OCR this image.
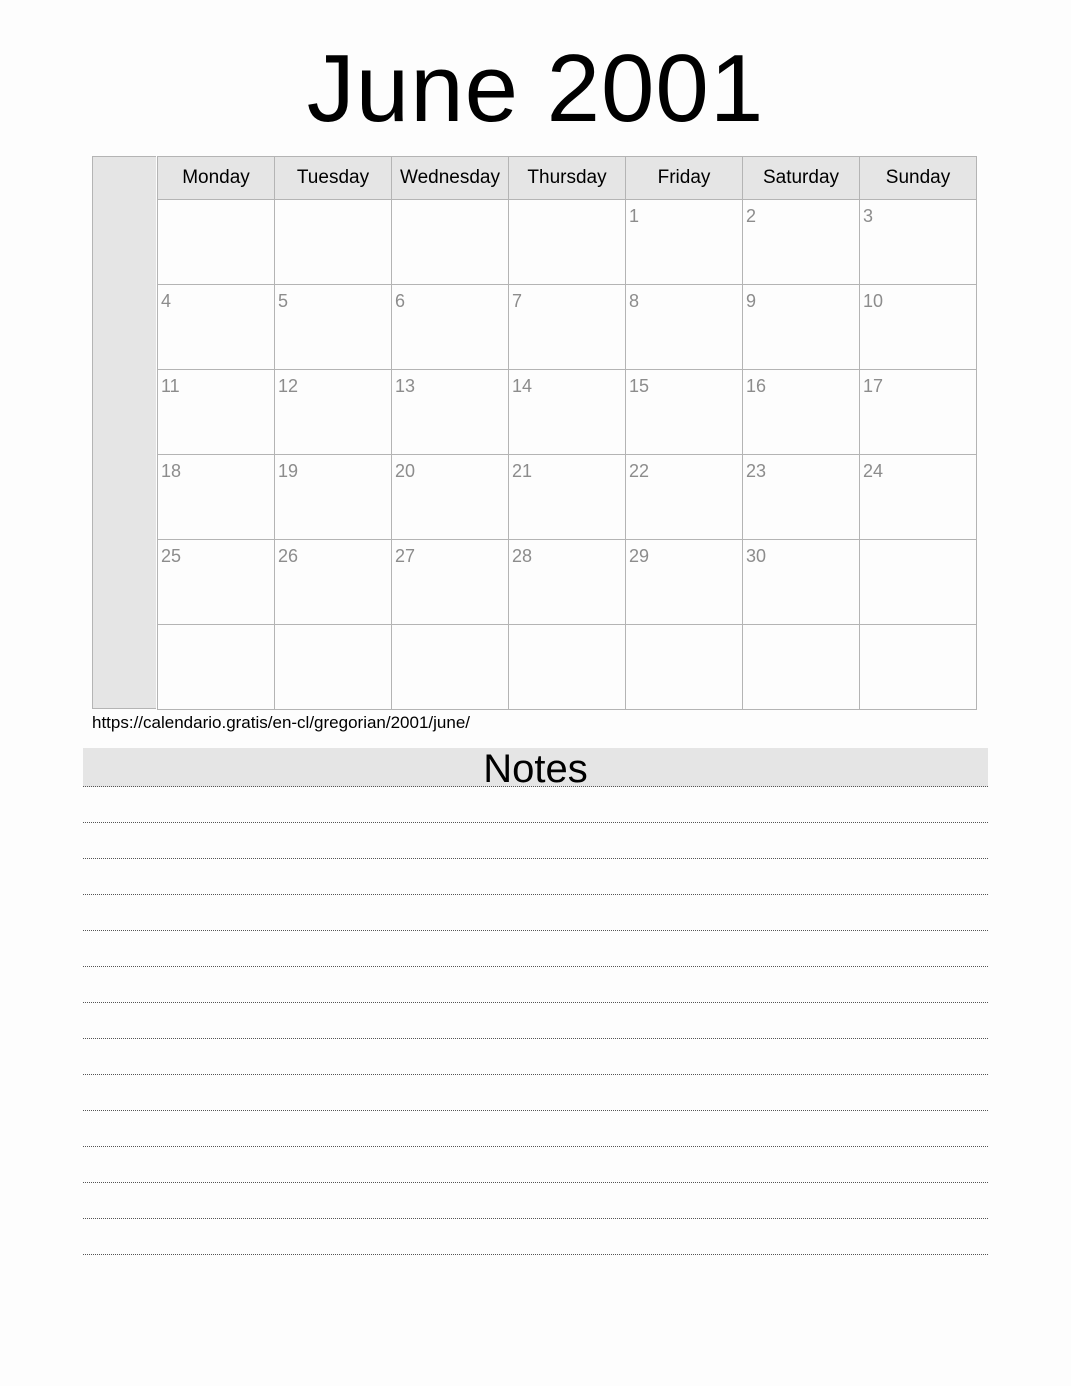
June 2001
Monday	Tuesday	Wednesday	Thursday	Friday	Saturday	Sunday

				1	2	3

4	5	6	7	8	9	10

11	12	13	14	15	16	17

18	19	20	21	22	23	24

25	26	27	28	29	30	

https://calendario.gratis/en-cl/gregorian/2001/june/
Notes
